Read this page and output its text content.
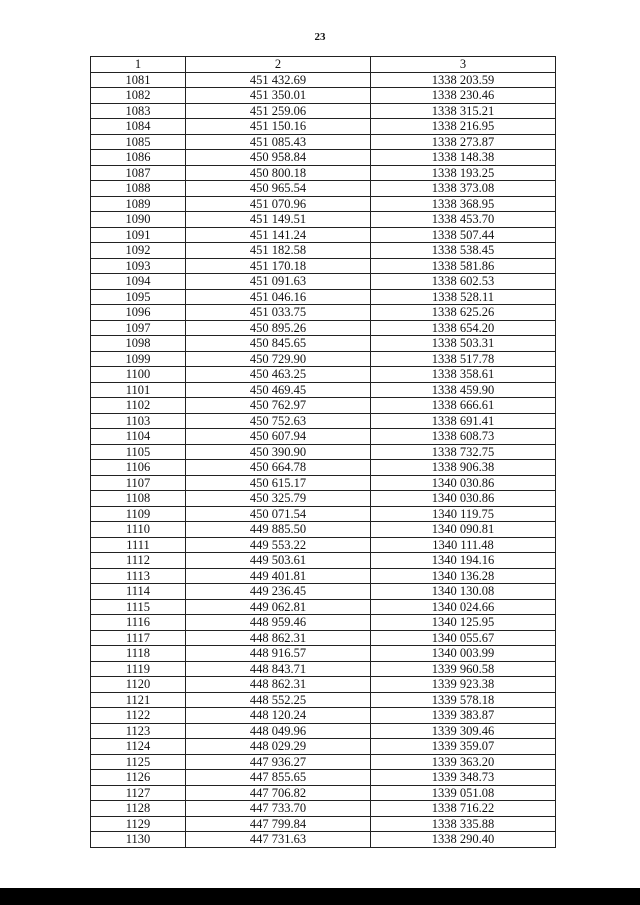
23
1	2	3
1081	451 432.69	1338 203.59
1082	451 350.01	1338 230.46
1083	451 259.06	1338 315.21
1084	451 150.16	1338 216.95
1085	451 085.43	1338 273.87
1086	450 958.84	1338 148.38
1087	450 800.18	1338 193.25
1088	450 965.54	1338 373.08
1089	451 070.96	1338 368.95
1090	451 149.51	1338 453.70
1091	451 141.24	1338 507.44
1092	451 182.58	1338 538.45
1093	451 170.18	1338 581.86
1094	451 091.63	1338 602.53
1095	451 046.16	1338 528.11
1096	451 033.75	1338 625.26
1097	450 895.26	1338 654.20
1098	450 845.65	1338 503.31
1099	450 729.90	1338 517.78
1100	450 463.25	1338 358.61
1101	450 469.45	1338 459.90
1102	450 762.97	1338 666.61
1103	450 752.63	1338 691.41
1104	450 607.94	1338 608.73
1105	450 390.90	1338 732.75
1106	450 664.78	1338 906.38
1107	450 615.17	1340 030.86
1108	450 325.79	1340 030.86
1109	450 071.54	1340 119.75
1110	449 885.50	1340 090.81
1111	449 553.22	1340 111.48
1112	449 503.61	1340 194.16
1113	449 401.81	1340 136.28
1114	449 236.45	1340 130.08
1115	449 062.81	1340 024.66
1116	448 959.46	1340 125.95
1117	448 862.31	1340 055.67
1118	448 916.57	1340 003.99
1119	448 843.71	1339 960.58
1120	448 862.31	1339 923.38
1121	448 552.25	1339 578.18
1122	448 120.24	1339 383.87
1123	448 049.96	1339 309.46
1124	448 029.29	1339 359.07
1125	447 936.27	1339 363.20
1126	447 855.65	1339 348.73
1127	447 706.82	1339 051.08
1128	447 733.70	1338 716.22
1129	447 799.84	1338 335.88
1130	447 731.63	1338 290.40
